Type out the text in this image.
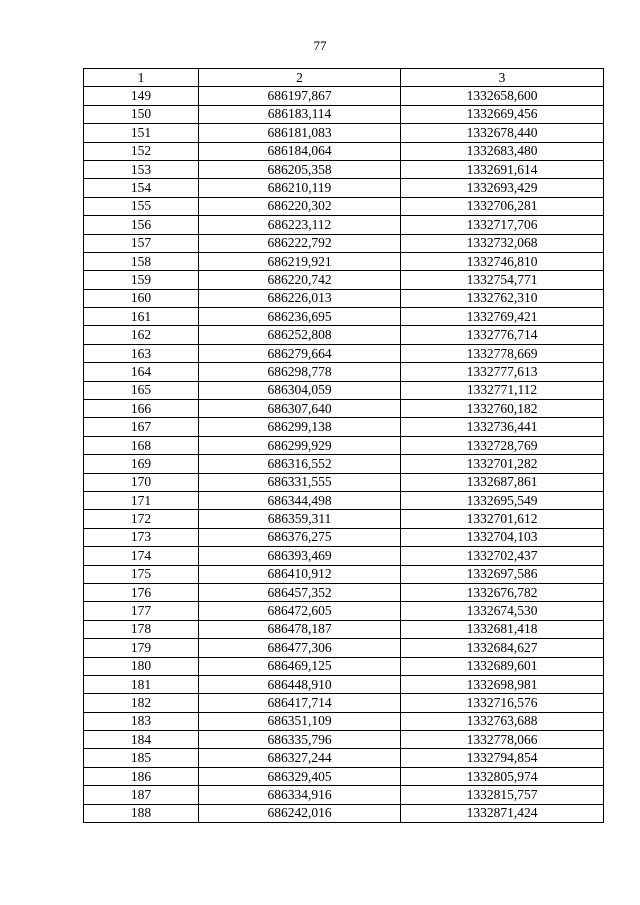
77
1	2	3
149	686197,867	1332658,600
150	686183,114	1332669,456
151	686181,083	1332678,440
152	686184,064	1332683,480
153	686205,358	1332691,614
154	686210,119	1332693,429
155	686220,302	1332706,281
156	686223,112	1332717,706
157	686222,792	1332732,068
158	686219,921	1332746,810
159	686220,742	1332754,771
160	686226,013	1332762,310
161	686236,695	1332769,421
162	686252,808	1332776,714
163	686279,664	1332778,669
164	686298,778	1332777,613
165	686304,059	1332771,112
166	686307,640	1332760,182
167	686299,138	1332736,441
168	686299,929	1332728,769
169	686316,552	1332701,282
170	686331,555	1332687,861
171	686344,498	1332695,549
172	686359,311	1332701,612
173	686376,275	1332704,103
174	686393,469	1332702,437
175	686410,912	1332697,586
176	686457,352	1332676,782
177	686472,605	1332674,530
178	686478,187	1332681,418
179	686477,306	1332684,627
180	686469,125	1332689,601
181	686448,910	1332698,981
182	686417,714	1332716,576
183	686351,109	1332763,688
184	686335,796	1332778,066
185	686327,244	1332794,854
186	686329,405	1332805,974
187	686334,916	1332815,757
188	686242,016	1332871,424
